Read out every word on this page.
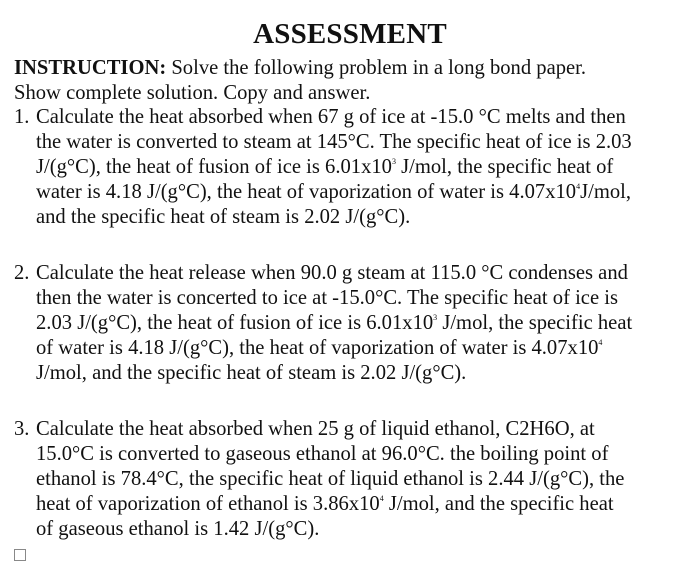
ASSESSMENT
INSTRUCTION: Solve the following problem in a long bond paper.
Show complete solution. Copy and answer.
1. Calculate the heat absorbed when 67 g of ice at -15.0 °C melts and then
the water is converted to steam at 145°C. The specific heat of ice is 2.03
J/(g°C), the heat of fusion of ice is $6.01x10^3$ J/mol, the specific heat of
water is 4.18 J/(g°C), the heat of vaporization of water is $4.07x10^4J$/mol,
and the specific heat of steam is 2.02 J/(g°C).
2. Calculate the heat release when 90.0 g steam at 115.0 °C condenses and
then the water is concerted to ice at -15.0°C. The specific heat of ice is
2.03 J/(g°C), the heat of fusion of ice is $6.01x10^3$ J/mol, the specific heat
of water is 4.18 J/(g°C), the heat of vaporization of water is $4.07x10^4$
J/mol, and the specific heat of steam is 2.02 J/(g°C).
3. Calculate the heat absorbed when 25 g of liquid ethanol, C2H6O, at
15.0°C is converted to gaseous ethanol at 96.0°C. the boiling point of
ethanol is 78.4°C, the specific heat of liquid ethanol is 2.44 J/(g°C), the
heat of vaporization of ethanol is $3.86x10^4$ J/mol, and the specific heat
of gaseous ethanol is 1.42 J/(g°C).
